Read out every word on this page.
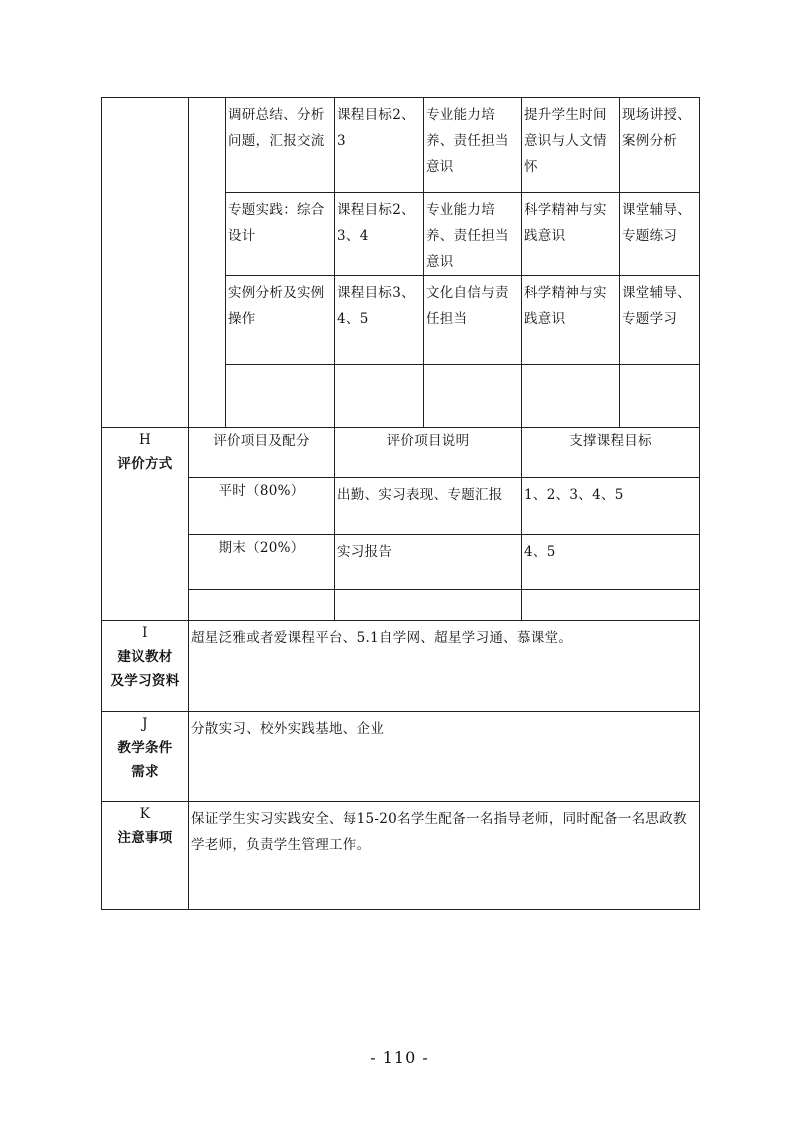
		调研总结、分析问题，汇报交流	课程目标2、3	专业能力培养、责任担当意识	提升学生时间意识与人文情怀	现场讲授、案例分析

		专题实践：综合设计	课程目标2、3、4	专业能力培养、责任担当意识	科学精神与实践意识	课堂辅导、专题练习

		实例分析及实例操作	课程目标3、4、5	文化自信与责任担当	科学精神与实践意识	课堂辅导、专题学习

H
评价方式	评价项目及配分		评价项目说明		支撑课程目标	
	平时（80%）		出勤、实习表现、专题汇报		1、2、3、4、5	

	期末（20%）		实习报告		4、5	

I
建议教材
及学习资料	超星泛雅或者爱课程平台、5.1自学网、超星学习通、慕课堂。					

J
教学条件
需求	分散实习、校外实践基地、企业					

K
注意事项	保证学生实习实践安全、每15-20名学生配备一名指导老师，同时配备一名思政教学老师，负责学生管理工作。					
- 110 -
